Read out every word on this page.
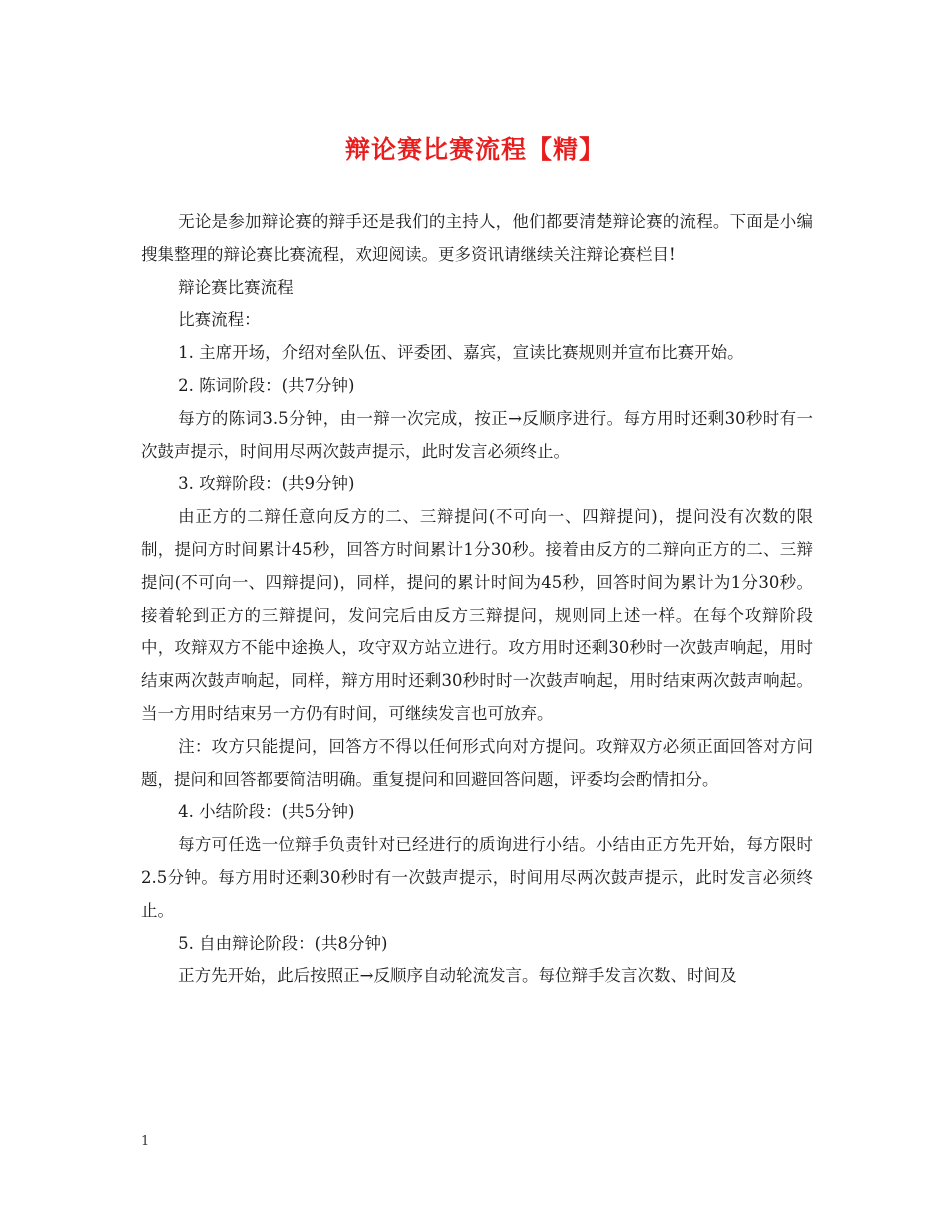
辩论赛比赛流程【精】

无论是参加辩论赛的辩手还是我们的主持人，他们都要清楚辩论赛的流程。下面是小编搜集整理的辩论赛比赛流程，欢迎阅读。更多资讯请继续关注辩论赛栏目!

辩论赛比赛流程

比赛流程：

1. 主席开场，介绍对垒队伍、评委团、嘉宾，宣读比赛规则并宣布比赛开始。

2. 陈词阶段：(共7分钟)

每方的陈词3.5分钟，由一辩一次完成，按正→反顺序进行。每方用时还剩30秒时有一次鼓声提示，时间用尽两次鼓声提示，此时发言必须终止。

3. 攻辩阶段：(共9分钟)

由正方的二辩任意向反方的二、三辩提问(不可向一、四辩提问)，提问没有次数的限制，提问方时间累计45秒，回答方时间累计1分30秒。接着由反方的二辩向正方的二、三辩提问(不可向一、四辩提问)，同样，提问的累计时间为45秒，回答时间为累计为1分30秒。接着轮到正方的三辩提问，发问完后由反方三辩提问，规则同上述一样。在每个攻辩阶段中，攻辩双方不能中途换人，攻守双方站立进行。攻方用时还剩30秒时一次鼓声响起，用时结束两次鼓声响起，同样，辩方用时还剩30秒时时一次鼓声响起，用时结束两次鼓声响起。当一方用时结束另一方仍有时间，可继续发言也可放弃。

注：攻方只能提问，回答方不得以任何形式向对方提问。攻辩双方必须正面回答对方问题，提问和回答都要简洁明确。重复提问和回避回答问题，评委均会酌情扣分。

4. 小结阶段：(共5分钟)

每方可任选一位辩手负责针对已经进行的质询进行小结。小结由正方先开始，每方限时2.5分钟。每方用时还剩30秒时有一次鼓声提示，时间用尽两次鼓声提示，此时发言必须终止。

5. 自由辩论阶段：(共8分钟)

正方先开始，此后按照正→反顺序自动轮流发言。每位辩手发言次数、时间及

1
